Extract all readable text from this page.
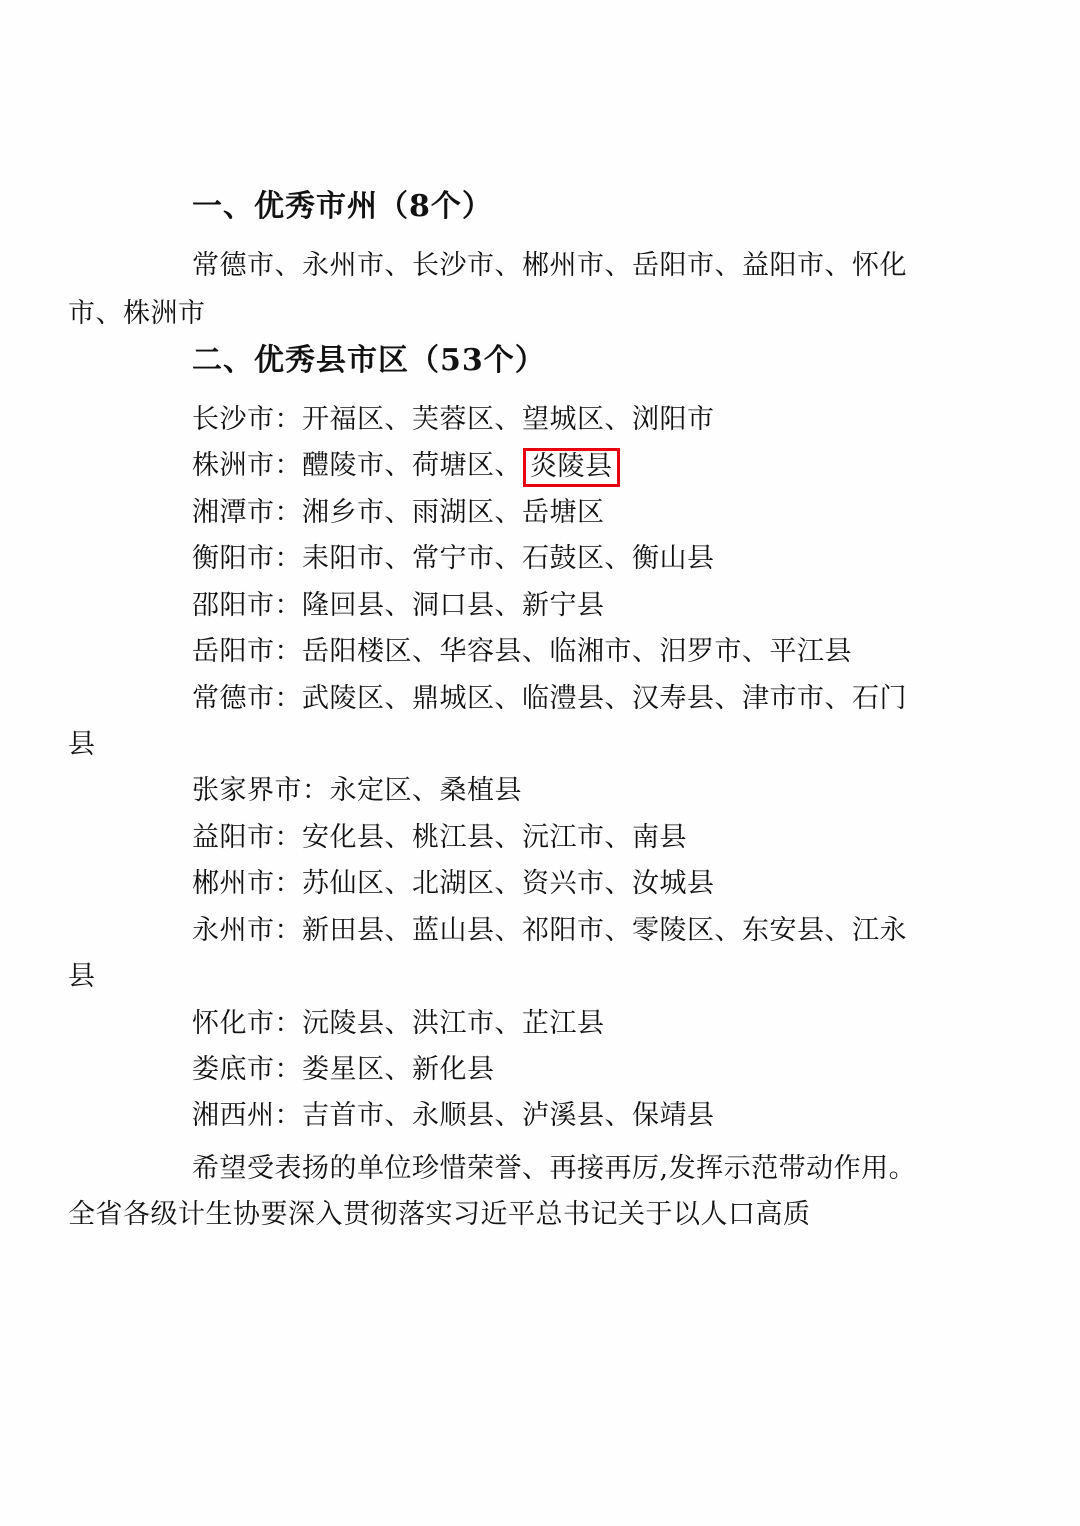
一、优秀市州（8个）

常德市、永州市、长沙市、郴州市、岳阳市、益阳市、怀化

市、株洲市

二、优秀县市区（53个）

长沙市：开福区、芙蓉区、望城区、浏阳市

株洲市：醴陵市、荷塘区、 炎陵县

湘潭市：湘乡市、雨湖区、岳塘区

衡阳市：耒阳市、常宁市、石鼓区、衡山县

邵阳市：隆回县、洞口县、新宁县

岳阳市：岳阳楼区、华容县、临湘市、汨罗市、平江县

常德市：武陵区、鼎城区、临澧县、汉寿县、津市市、石门

县

张家界市：永定区、桑植县

益阳市：安化县、桃江县、沅江市、南县

郴州市：苏仙区、北湖区、资兴市、汝城县

永州市：新田县、蓝山县、祁阳市、零陵区、东安县、江永

县

怀化市：沅陵县、洪江市、芷江县

娄底市：娄星区、新化县

湘西州：吉首市、永顺县、泸溪县、保靖县

希望受表扬的单位珍惜荣誉、再接再厉,发挥示范带动作用。
全省各级计生协要深入贯彻落实习近平总书记关于以人口高质
